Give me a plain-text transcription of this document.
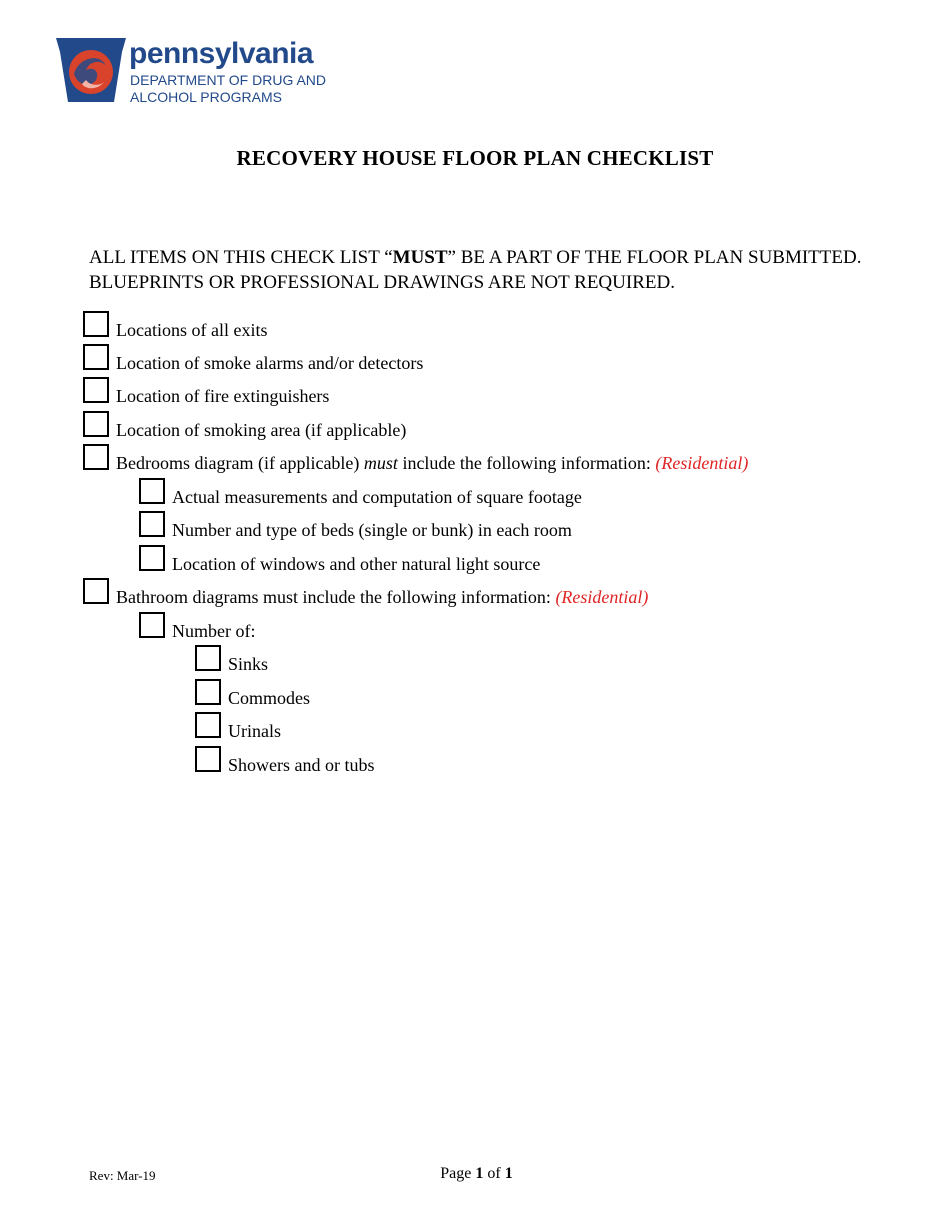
pennsylvania
DEPARTMENT OF DRUG AND
ALCOHOL PROGRAMS
RECOVERY HOUSE FLOOR PLAN CHECKLIST
ALL ITEMS ON THIS CHECK LIST “MUST” BE A PART OF THE FLOOR PLAN SUBMITTED.
BLUEPRINTS OR PROFESSIONAL DRAWINGS ARE NOT REQUIRED.
Locations of all exits
Location of smoke alarms and/or detectors
Location of fire extinguishers
Location of smoking area (if applicable)
Bedrooms diagram (if applicable) must include the following information: (Residential)
Actual measurements and computation of square footage
Number and type of beds (single or bunk) in each room
Location of windows and other natural light source
Bathroom diagrams must include the following information: (Residential)
Number of:
Sinks
Commodes
Urinals
Showers and or tubs
Rev: Mar-19	Page 1 of 1
